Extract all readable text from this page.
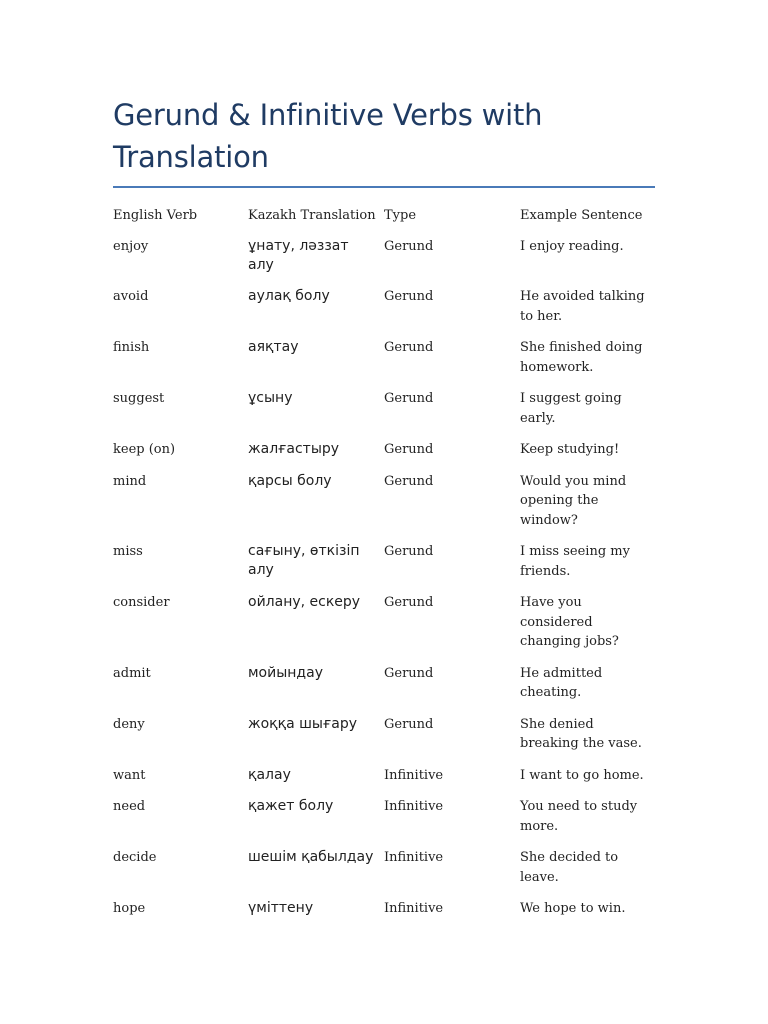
Gerund & Infinitive Verbs with Translation
English Verb	Kazakh Translation	Type	Example Sentence
enjoy	ұнату, ләззат алу	Gerund	I enjoy reading.
avoid	аулақ болу	Gerund	He avoided talking to her.
finish	аяқтау	Gerund	She finished doing homework.
suggest	ұсыну	Gerund	I suggest going early.
keep (on)	жалғастыру	Gerund	Keep studying!
mind	қарсы болу	Gerund	Would you mind opening the window?
miss	сағыну, өткізіп алу	Gerund	I miss seeing my friends.
consider	ойлану, ескеру	Gerund	Have you considered changing jobs?
admit	мойындау	Gerund	He admitted cheating.
deny	жоққа шығару	Gerund	She denied breaking the vase.
want	қалау	Infinitive	I want to go home.
need	қажет болу	Infinitive	You need to study more.
decide	шешім қабылдау	Infinitive	She decided to leave.
hope	үміттену	Infinitive	We hope to win.
